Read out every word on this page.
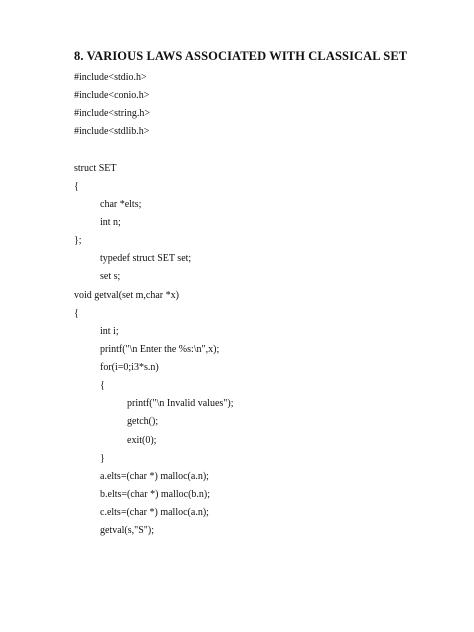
8. VARIOUS LAWS ASSOCIATED WITH CLASSICAL SET
#include<stdio.h>
#include<conio.h>
#include<string.h>
#include<stdlib.h>
struct SET
{
char *elts;
int n;
};
typedef struct SET set;
set s;
void getval(set m,char *x)
{
int i;
printf("\n Enter the %s:\n",x);
for(i=0;i3*s.n)
{
printf("\n Invalid values");
getch();
exit(0);
}
a.elts=(char *) malloc(a.n);
b.elts=(char *) malloc(b.n);
c.elts=(char *) malloc(a.n);
getval(s,"S");
